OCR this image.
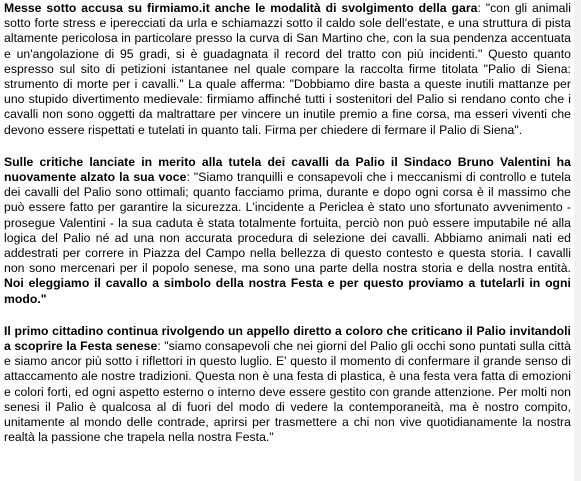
Messe sotto accusa su firmiamo.it anche le modalità di svolgimento della gara: "con gli animali sotto forte stress e iperecciati da urla e schiamazzi sotto il caldo sole dell'estate, e una struttura di pista altamente pericolosa in particolare presso la curva di San Martino che, con la sua pendenza accentuata e un'angolazione di 95 gradi, si è guadagnata il record del tratto con più incidenti." Questo quanto espresso sul sito di petizioni istantanee nel quale compare la raccolta firme titolata "Palio di Siena: strumento di morte per i cavalli." La quale afferma: "Dobbiamo dire basta a queste inutili mattanze per uno stupido divertimento medievale: firmiamo affinché tutti i sostenitori del Palio si rendano conto che i cavalli non sono oggetti da maltrattare per vincere un inutile premio a fine corsa, ma esseri viventi che devono essere rispettati e tutelati in quanto tali. Firma per chiedere di fermare il Palio di Siena".

Sulle critiche lanciate in merito alla tutela dei cavalli da Palio il Sindaco Bruno Valentini ha nuovamente alzato la sua voce: "Siamo tranquilli e consapevoli che i meccanismi di controllo e tutela dei cavalli del Palio sono ottimali; quanto facciamo prima, durante e dopo ogni corsa è il massimo che può essere fatto per garantire la sicurezza. L'incidente a Periclea è stato uno sfortunato avvenimento - prosegue Valentini - la sua caduta è stata totalmente fortuita, perciò non può essere imputabile né alla logica del Palio né ad una non accurata procedura di selezione dei cavalli. Abbiamo animali nati ed addestrati per correre in Piazza del Campo nella bellezza di questo contesto e questa storia. I cavalli non sono mercenari per il popolo senese, ma sono una parte della nostra storia e della nostra entità. Noi eleggiamo il cavallo a simbolo della nostra Festa e per questo proviamo a tutelarli in ogni modo."

Il primo cittadino continua rivolgendo un appello diretto a coloro che criticano il Palio invitandoli a scoprire la Festa senese: "siamo consapevoli che nei giorni del Palio gli occhi sono puntati sulla città e siamo ancor più sotto i riflettori in questo luglio. E' questo il momento di confermare il grande senso di attaccamento ale nostre tradizioni. Questa non è una festa di plastica, è una festa vera fatta di emozioni e colori forti, ed ogni aspetto esterno o interno deve essere gestito con grande attenzione. Per molti non senesi il Palio è qualcosa al di fuori del modo di vedere la contemporaneità, ma è nostro compito, unitamente al mondo delle contrade, aprirsi per trasmettere a chi non vive quotidianamente la nostra realtà la passione che trapela nella nostra Festa."
